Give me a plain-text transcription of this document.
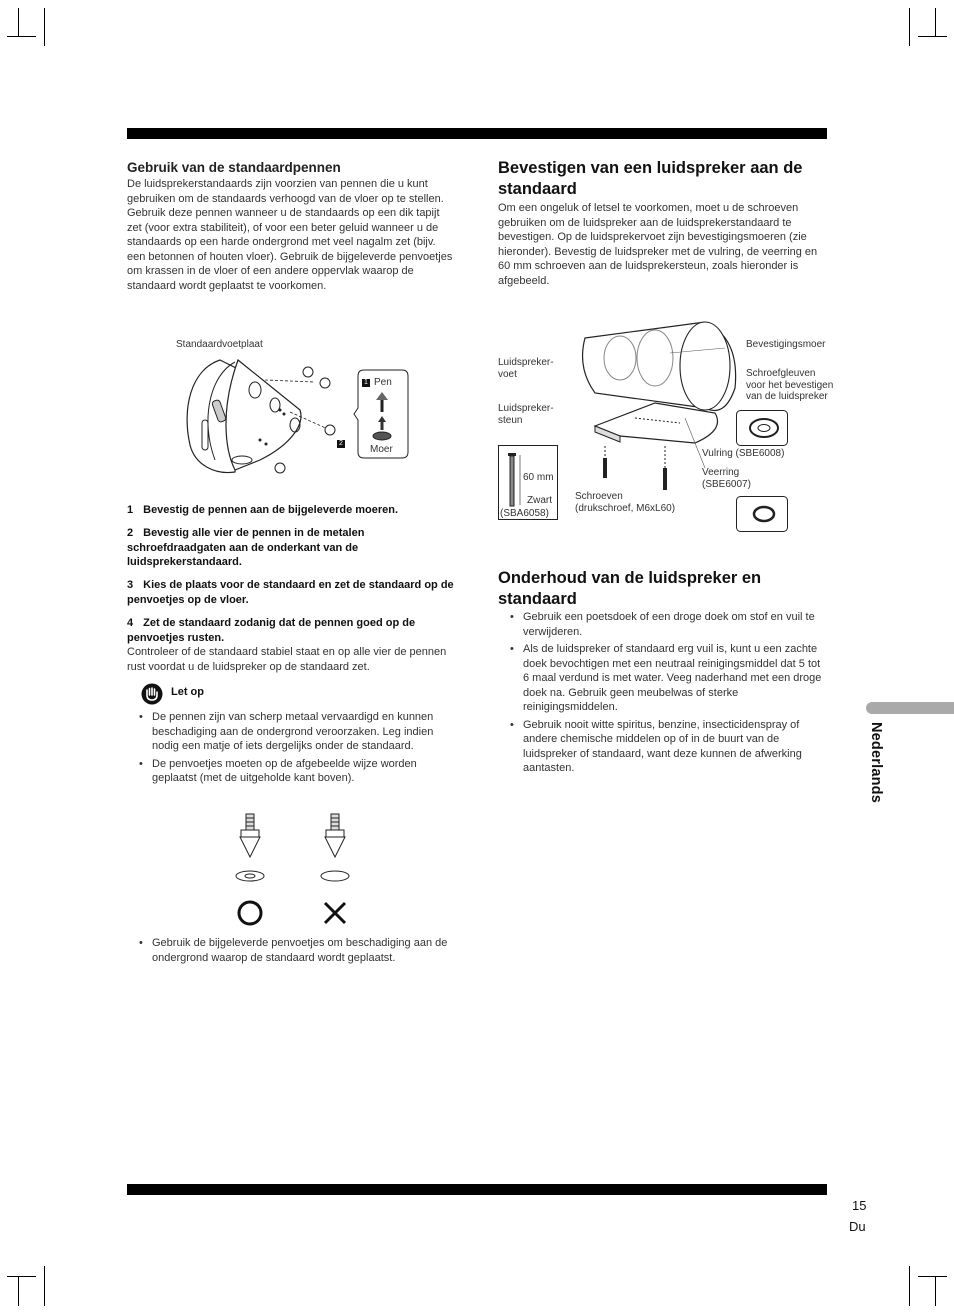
Gebruik van de standaardpennen

De luidsprekerstandaards zijn voorzien van pennen die u kunt gebruiken om de standaards verhoogd van de vloer op te stellen. Gebruik deze pennen wanneer u de standaards op een dik tapijt zet (voor extra stabiliteit), of voor een beter geluid wanneer u de standaards op een harde ondergrond met veel nagalm zet (bijv. een betonnen of houten vloer). Gebruik de bijgeleverde penvoetjes om krassen in de vloer of een andere oppervlak waarop de standaard wordt geplaatst te voorkomen.

Standaardvoetplaat
1
2
Pen
Moer

1 Bevestig de pennen aan de bijgeleverde moeren.

2 Bevestig alle vier de pennen in de metalen schroefdraadgaten aan de onderkant van de luidsprekerstandaard.

3 Kies de plaats voor de standaard en zet de standaard op de penvoetjes op de vloer.

4 Zet de standaard zodanig dat de pennen goed op de penvoetjes rusten.

Controleer of de standaard stabiel staat en op alle vier de pennen rust voordat u de luidspreker op de standaard zet.

Let op
• De pennen zijn van scherp metaal vervaardigd en kunnen beschadiging aan de ondergrond veroorzaken. Leg indien nodig een matje of iets dergelijks onder de standaard.
• De penvoetjes moeten op de afgebeelde wijze worden geplaatst (met de uitgeholde kant boven).
• Gebruik de bijgeleverde penvoetjes om beschadiging aan de ondergrond waarop de standaard wordt geplaatst.
Bevestigen van een luidspreker aan de standaard

Om een ongeluk of letsel te voorkomen, moet u de schroeven gebruiken om de luidspreker aan de luidsprekerstandaard te bevestigen. Op de luidsprekervoet zijn bevestigingsmoeren (zie hieronder). Bevestig de luidspreker met de vulring, de veerring en 60 mm schroeven aan de luidsprekersteun, zoals hieronder is afgebeeld.

Luidspreker-
voet
Luidspreker-
steun
Bevestigingsmoer
Schroefgleuven
voor het bevestigen
van de luidspreker
Vulring (SBE6008)
Veerring
(SBE6007)
60 mm
Zwart
(SBA6058)
Schroeven
(drukschroef, M6xL60)
Onderhoud van de luidspreker en standaard
• Gebruik een poetsdoek of een droge doek om stof en vuil te verwijderen.
• Als de luidspreker of standaard erg vuil is, kunt u een zachte doek bevochtigen met een neutraal reinigingsmiddel dat 5 tot 6 maal verdund is met water. Veeg naderhand met een droge doek na. Gebruik geen meubelwas of sterke reinigingsmiddelen.
• Gebruik nooit witte spiritus, benzine, insecticidenspray of andere chemische middelen op of in de buurt van de luidspreker of standaard, want deze kunnen de afwerking aantasten.	Nederlands
15
Du
